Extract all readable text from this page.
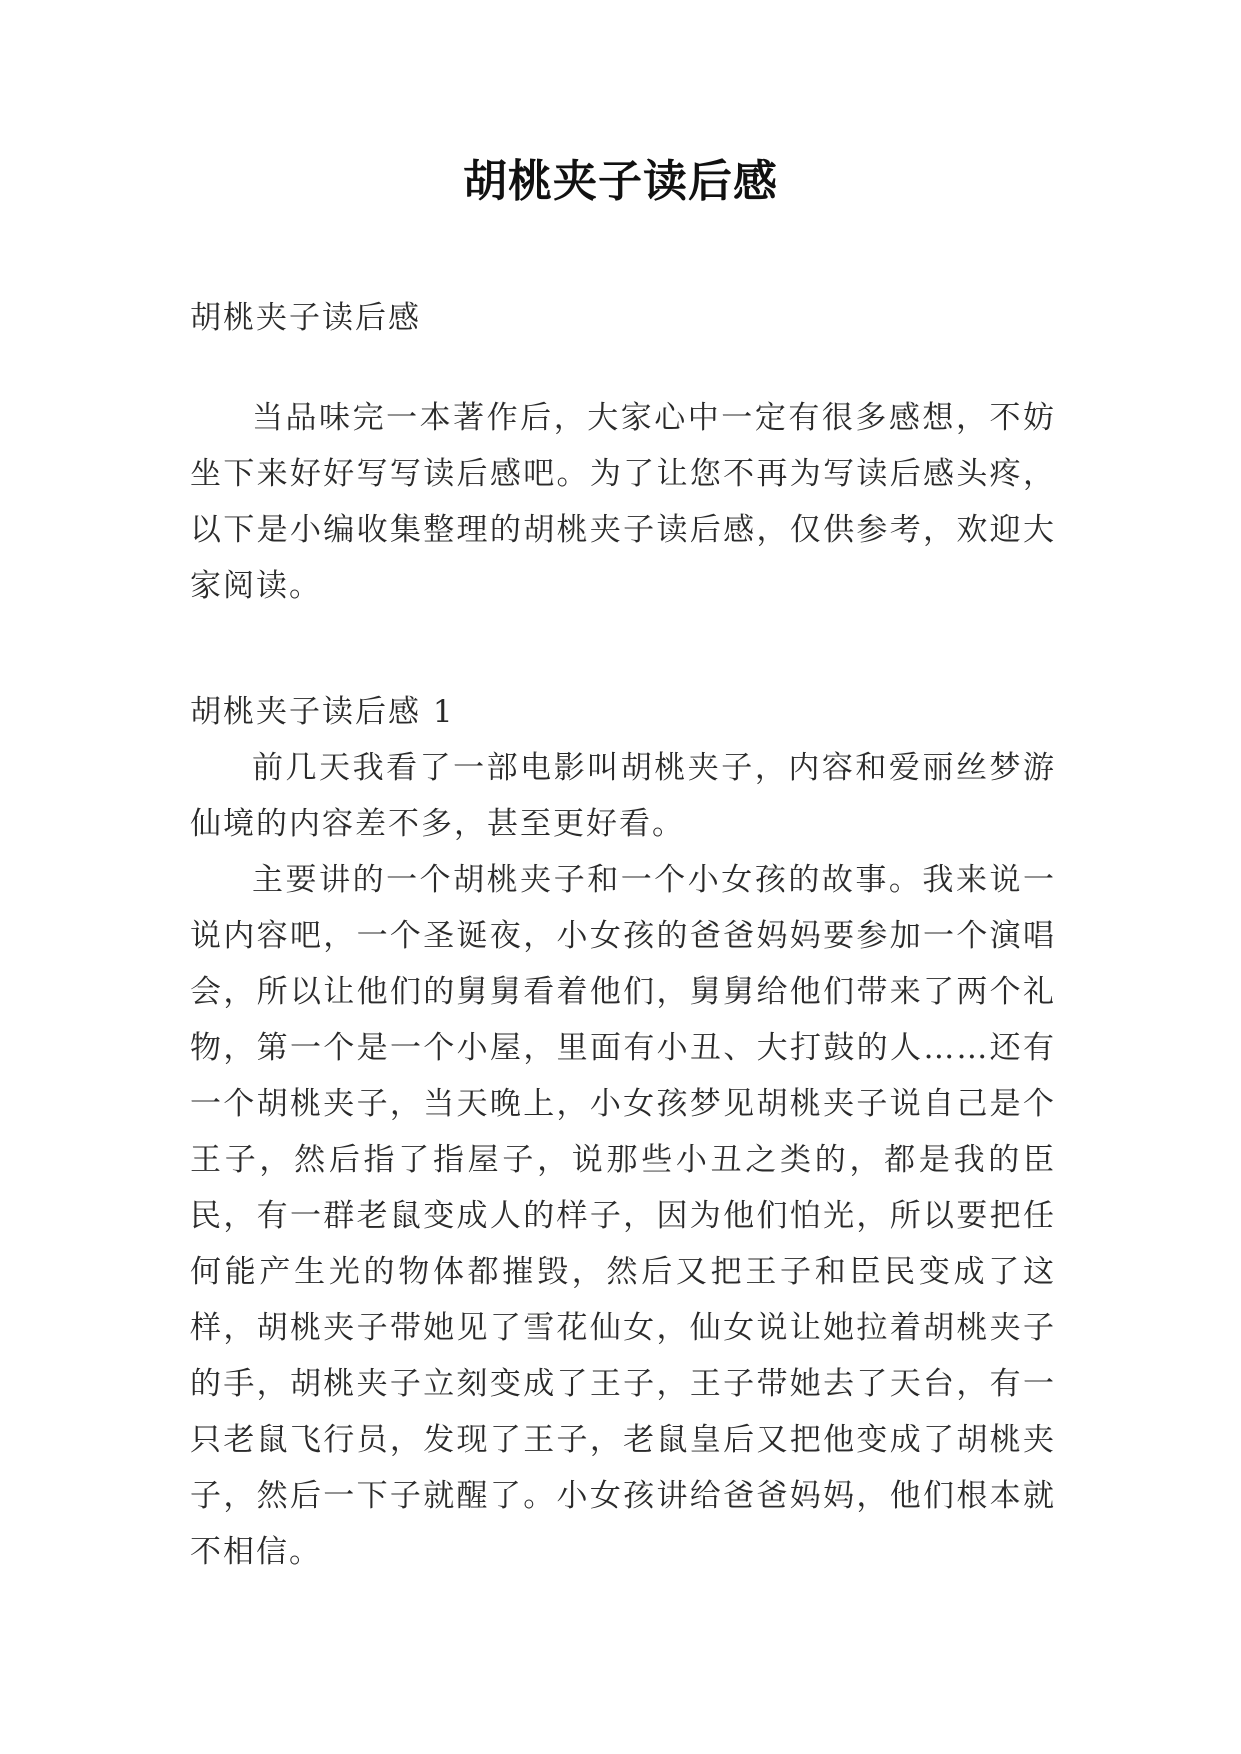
胡桃夹子读后感

胡桃夹子读后感

当品味完一本著作后，大家心中一定有很多感想，不妨坐下来好好写写读后感吧。为了让您不再为写读后感头疼，以下是小编收集整理的胡桃夹子读后感，仅供参考，欢迎大家阅读。

胡桃夹子读后感 1

前几天我看了一部电影叫胡桃夹子，内容和爱丽丝梦游仙境的内容差不多，甚至更好看。

主要讲的一个胡桃夹子和一个小女孩的故事。我来说一说内容吧，一个圣诞夜，小女孩的爸爸妈妈要参加一个演唱会，所以让他们的舅舅看着他们，舅舅给他们带来了两个礼物，第一个是一个小屋，里面有小丑、大打鼓的人……还有一个胡桃夹子，当天晚上，小女孩梦见胡桃夹子说自己是个王子，然后指了指屋子，说那些小丑之类的，都是我的臣民，有一群老鼠变成人的样子，因为他们怕光，所以要把任何能产生光的物体都摧毁，然后又把王子和臣民变成了这样，胡桃夹子带她见了雪花仙女，仙女说让她拉着胡桃夹子的手，胡桃夹子立刻变成了王子，王子带她去了天台，有一只老鼠飞行员，发现了王子，老鼠皇后又把他变成了胡桃夹子，然后一下子就醒了。小女孩讲给爸爸妈妈，他们根本就不相信。
